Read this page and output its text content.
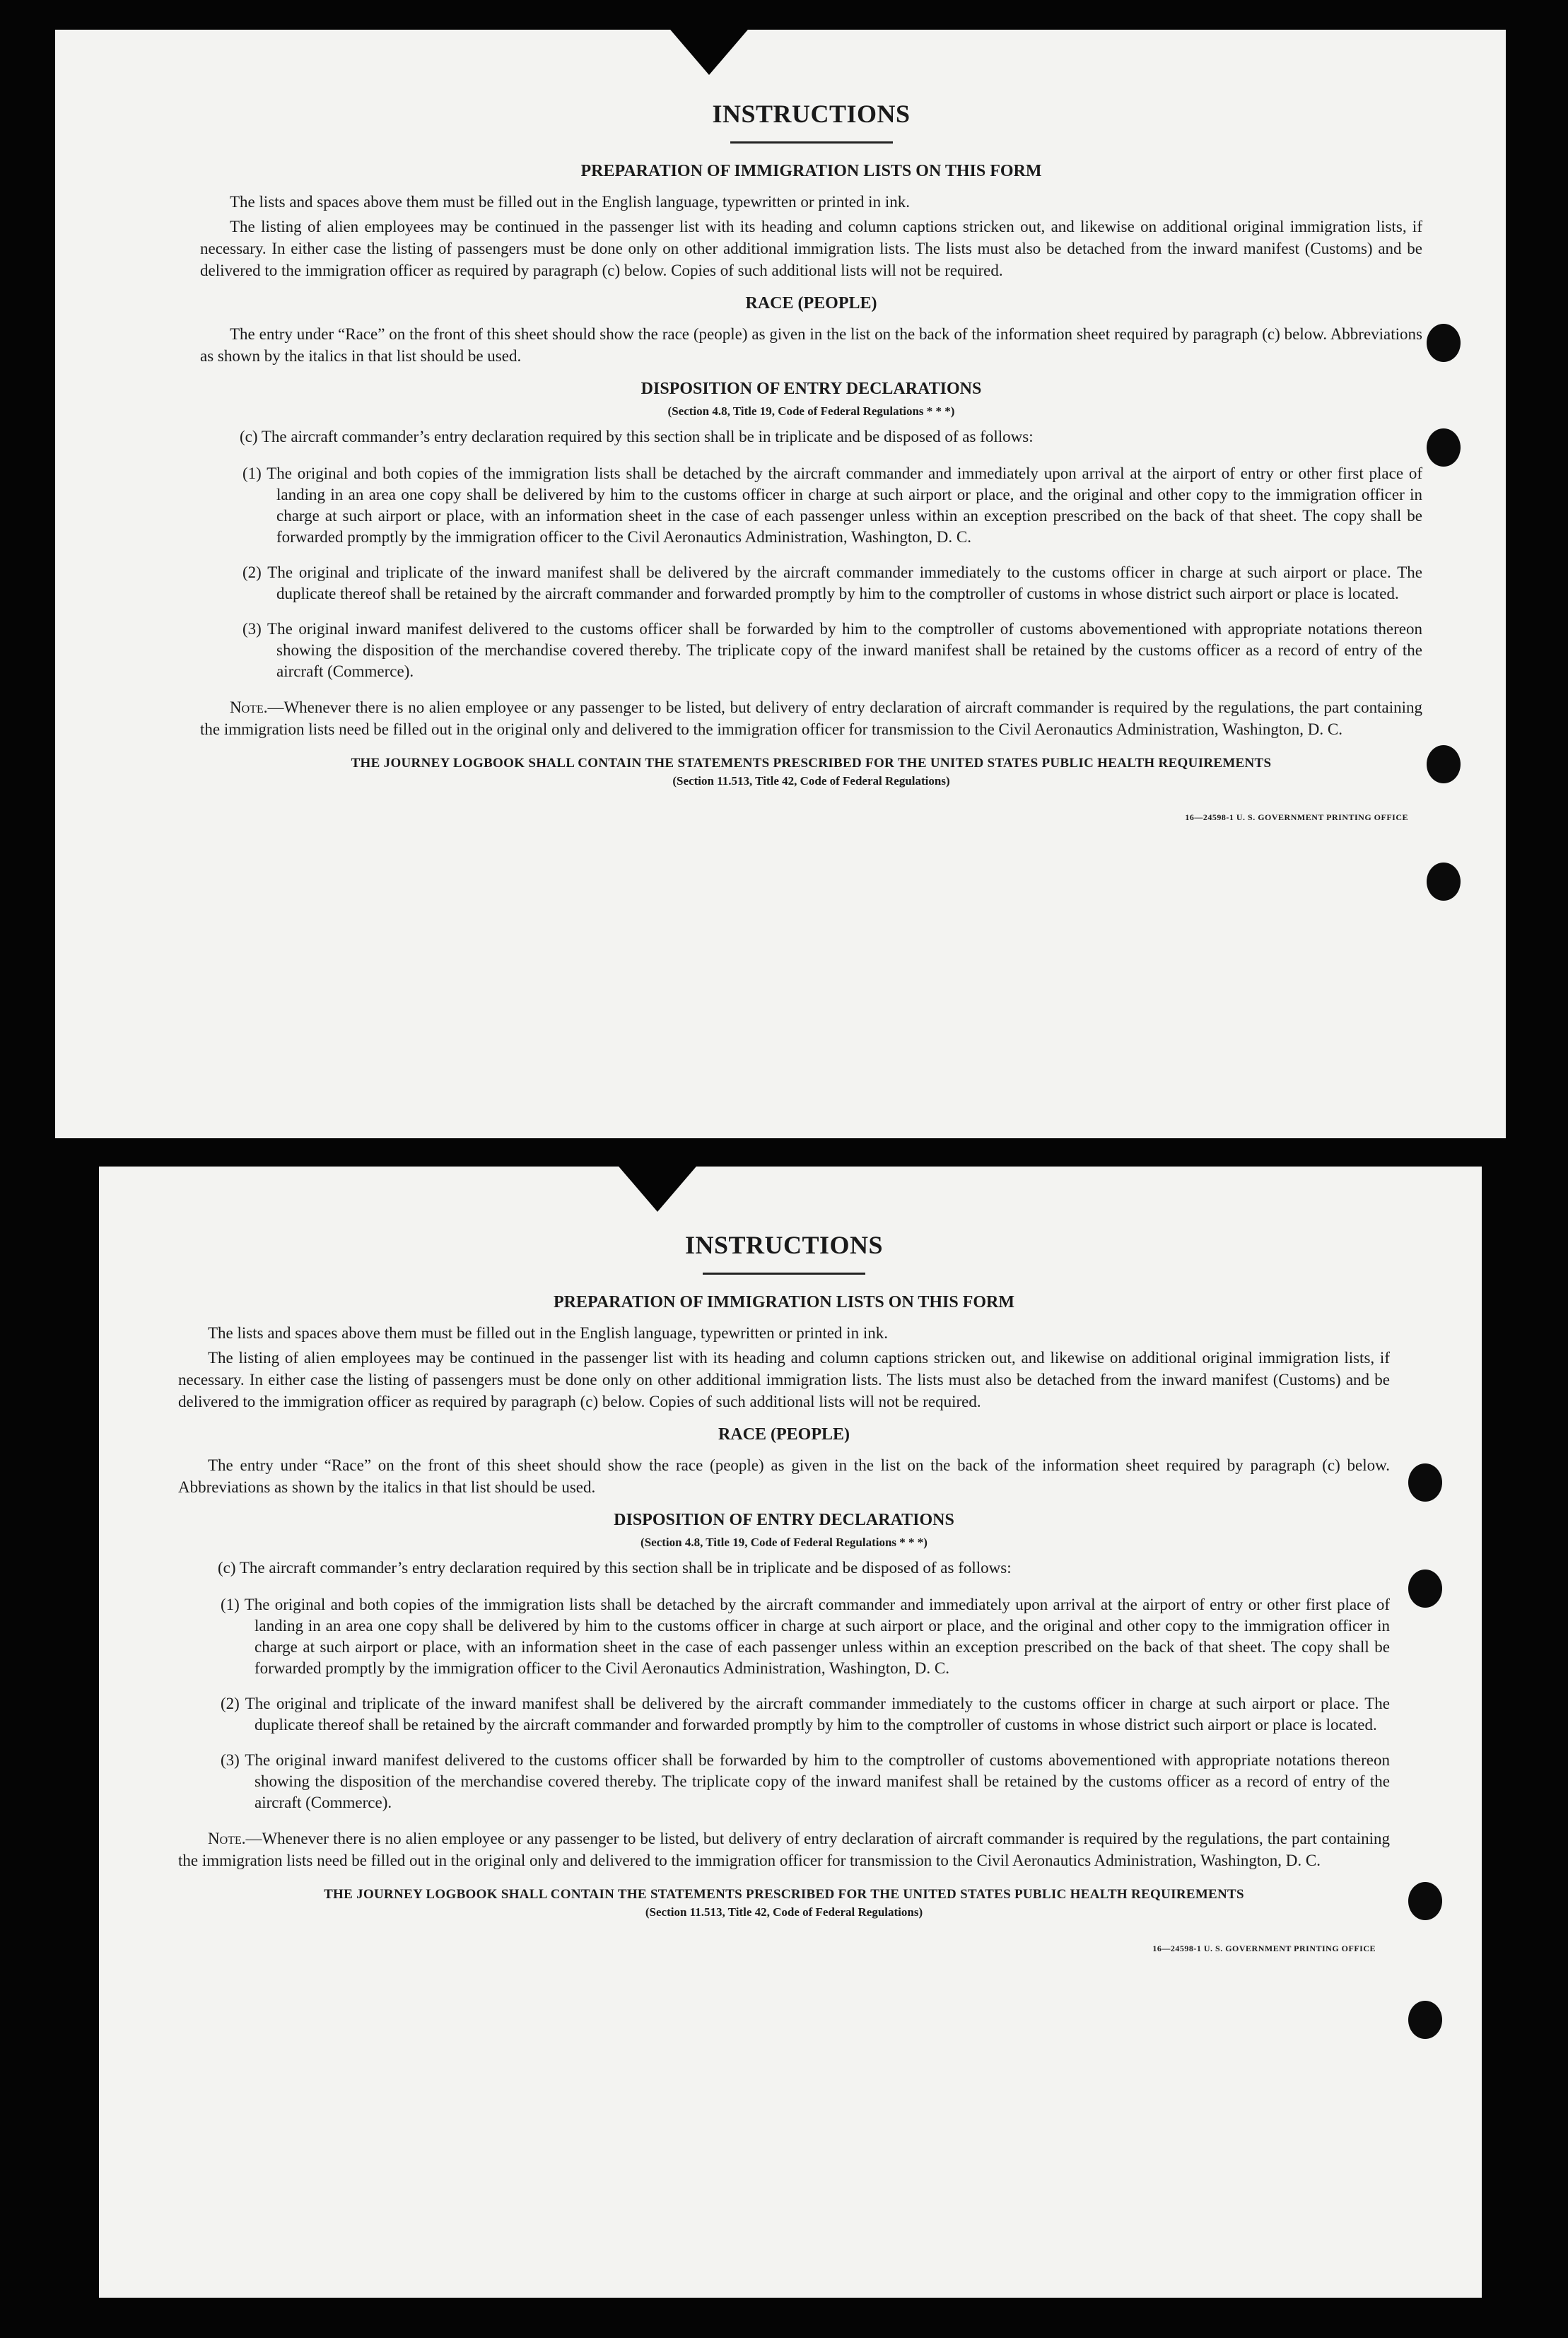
INSTRUCTIONS
PREPARATION OF IMMIGRATION LISTS ON THIS FORM

The lists and spaces above them must be filled out in the English language, typewritten or printed in ink.

The listing of alien employees may be continued in the passenger list with its heading and column captions stricken out, and likewise on additional original immigration lists, if necessary. In either case the listing of passengers must be done only on other additional immigration lists. The lists must also be detached from the inward manifest (Customs) and be delivered to the immigration officer as required by paragraph (c) below. Copies of such additional lists will not be required.

RACE (PEOPLE)

The entry under “Race” on the front of this sheet should show the race (people) as given in the list on the back of the information sheet required by paragraph (c) below. Abbreviations as shown by the italics in that list should be used.

DISPOSITION OF ENTRY DECLARATIONS
(Section 4.8, Title 19, Code of Federal Regulations * * *)
(c) The aircraft commander’s entry declaration required by this section shall be in triplicate and be disposed of as follows:
(1) The original and both copies of the immigration lists shall be detached by the aircraft commander and immediately upon arrival at the airport of entry or other first place of landing in an area one copy shall be delivered by him to the customs officer in charge at such airport or place, and the original and other copy to the immigration officer in charge at such airport or place, with an information sheet in the case of each passenger unless within an exception prescribed on the back of that sheet. The copy shall be forwarded promptly by the immigration officer to the Civil Aeronautics Administration, Washington, D. C.
(2) The original and triplicate of the inward manifest shall be delivered by the aircraft commander immediately to the customs officer in charge at such airport or place. The duplicate thereof shall be retained by the aircraft commander and forwarded promptly by him to the comptroller of customs in whose district such airport or place is located.
(3) The original inward manifest delivered to the customs officer shall be forwarded by him to the comptroller of customs abovementioned with appropriate notations thereon showing the disposition of the merchandise covered thereby. The triplicate copy of the inward manifest shall be retained by the customs officer as a record of entry of the aircraft (Commerce).

Note.—Whenever there is no alien employee or any passenger to be listed, but delivery of entry declaration of aircraft commander is required by the regulations, the part containing the immigration lists need be filled out in the original only and delivered to the immigration officer for transmission to the Civil Aeronautics Administration, Washington, D. C.

THE JOURNEY LOGBOOK SHALL CONTAIN THE STATEMENTS PRESCRIBED FOR THE UNITED STATES PUBLIC HEALTH REQUIREMENTS
(Section 11.513, Title 42, Code of Federal Regulations)
16—24598-1 U. S. GOVERNMENT PRINTING OFFICE
INSTRUCTIONS
PREPARATION OF IMMIGRATION LISTS ON THIS FORM

The lists and spaces above them must be filled out in the English language, typewritten or printed in ink.

The listing of alien employees may be continued in the passenger list with its heading and column captions stricken out, and likewise on additional original immigration lists, if necessary. In either case the listing of passengers must be done only on other additional immigration lists. The lists must also be detached from the inward manifest (Customs) and be delivered to the immigration officer as required by paragraph (c) below. Copies of such additional lists will not be required.

RACE (PEOPLE)

The entry under “Race” on the front of this sheet should show the race (people) as given in the list on the back of the information sheet required by paragraph (c) below. Abbreviations as shown by the italics in that list should be used.

DISPOSITION OF ENTRY DECLARATIONS
(Section 4.8, Title 19, Code of Federal Regulations * * *)
(c) The aircraft commander’s entry declaration required by this section shall be in triplicate and be disposed of as follows:
(1) The original and both copies of the immigration lists shall be detached by the aircraft commander and immediately upon arrival at the airport of entry or other first place of landing in an area one copy shall be delivered by him to the customs officer in charge at such airport or place, and the original and other copy to the immigration officer in charge at such airport or place, with an information sheet in the case of each passenger unless within an exception prescribed on the back of that sheet. The copy shall be forwarded promptly by the immigration officer to the Civil Aeronautics Administration, Washington, D. C.
(2) The original and triplicate of the inward manifest shall be delivered by the aircraft commander immediately to the customs officer in charge at such airport or place. The duplicate thereof shall be retained by the aircraft commander and forwarded promptly by him to the comptroller of customs in whose district such airport or place is located.
(3) The original inward manifest delivered to the customs officer shall be forwarded by him to the comptroller of customs abovementioned with appropriate notations thereon showing the disposition of the merchandise covered thereby. The triplicate copy of the inward manifest shall be retained by the customs officer as a record of entry of the aircraft (Commerce).

Note.—Whenever there is no alien employee or any passenger to be listed, but delivery of entry declaration of aircraft commander is required by the regulations, the part containing the immigration lists need be filled out in the original only and delivered to the immigration officer for transmission to the Civil Aeronautics Administration, Washington, D. C.

THE JOURNEY LOGBOOK SHALL CONTAIN THE STATEMENTS PRESCRIBED FOR THE UNITED STATES PUBLIC HEALTH REQUIREMENTS
(Section 11.513, Title 42, Code of Federal Regulations)
16—24598-1 U. S. GOVERNMENT PRINTING OFFICE
